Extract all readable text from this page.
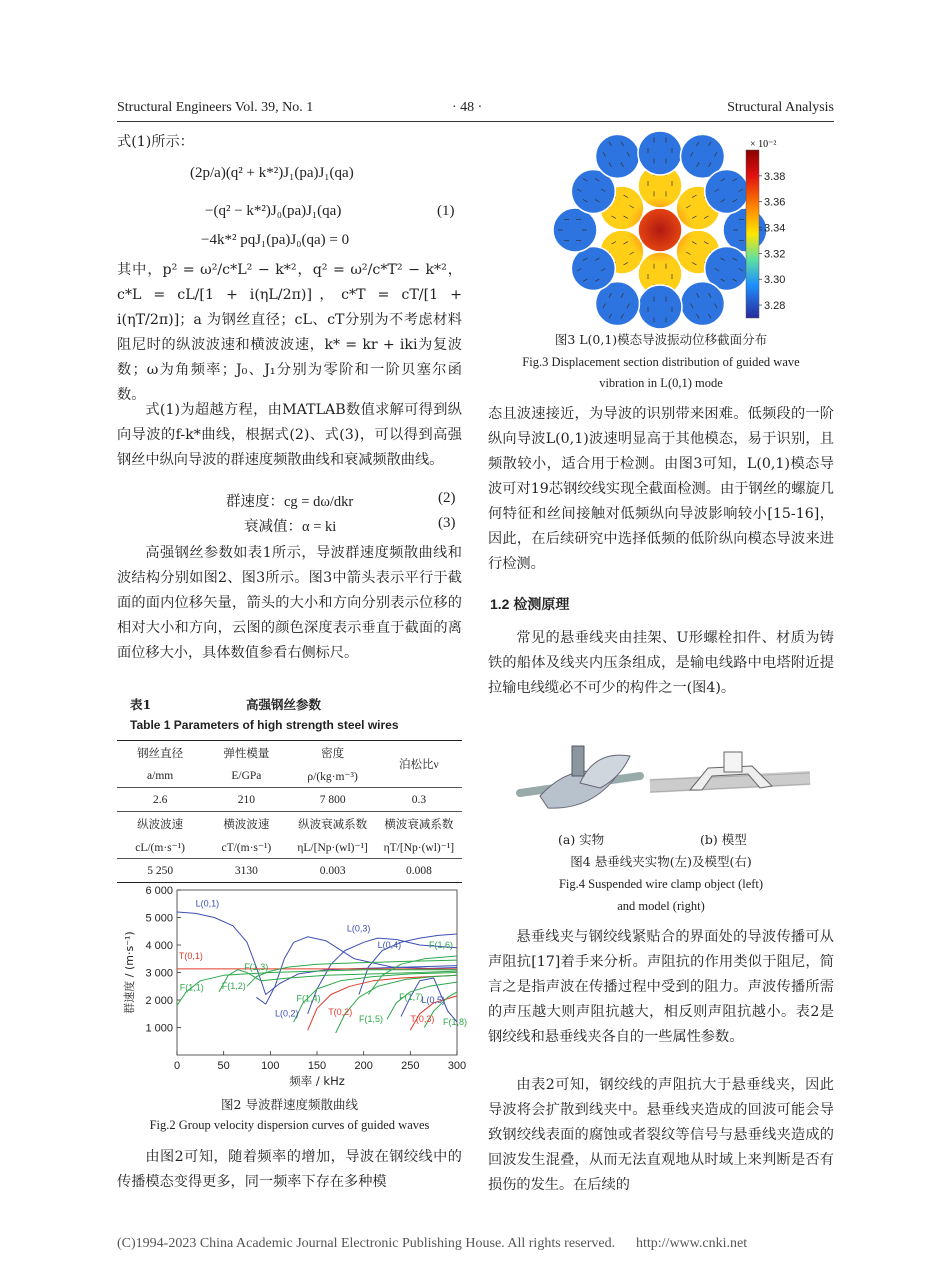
Structural Engineers Vol. 39, No. 1	· 48 ·	Structural Analysis
式(1)所示：
(2p/a)(q² + k*²)J₁(pa)J₁(qa)
−(q² − k*²)J₀(pa)J₁(qa)
−4k*² pqJ₁(pa)J₀(qa) = 0
(1)
其中，p² = ω²/c*L² − k*²，q² = ω²/c*T² − k*²，c*L = cL/[1 + i(ηL/2π)]，c*T = cT/[1 + i(ηT/2π)]；a 为钢丝直径；cL、cT分别为不考虑材料阻尼时的纵波波速和横波波速，k* = kr + iki为复波数；ω为角频率；J₀、J₁分别为零阶和一阶贝塞尔函数。
式(1)为超越方程，由MATLAB数值求解可得到纵向导波的f-k*曲线，根据式(2)、式(3)，可以得到高强钢丝中纵向导波的群速度频散曲线和衰减频散曲线。
群速度：cg = dω/dkr	(2)
衰减值：α = ki	(3)
高强钢丝参数如表1所示，导波群速度频散曲线和波结构分别如图2、图3所示。图3中箭头表示平行于截面的面内位移矢量，箭头的大小和方向分别表示位移的相对大小和方向，云图的颜色深度表示垂直于截面的离面位移大小，具体数值参看右侧标尺。
表1	高强钢丝参数
Table 1 Parameters of high strength steel wires
钢丝直径	弹性模量	密度	泊松比ν
a/mm	E/GPa	ρ/(kg·m⁻³)	
2.6	210	7 800	0.3
纵波波速	横波波速	纵波衰减系数	横波衰减系数
cL/(m·s⁻¹)	cT/(m·s⁻¹)	ηL/[Np·(wl)⁻¹]	ηT/[Np·(wl)⁻¹]
5 250	3130	0.003	0.008
0	50	100	150	200	250	300
1 000
2 000
3 000
4 000
5 000
6 000
频率 / kHz
群速度 / (m·s⁻¹)
L(0,1)
T(0,1)
F(1,3)
F(1,1) F(1,2)
L(0,3)
L(0,4)	F(1,6)
F(1,4)	F(1,7)
L(0,5)
L(0,2)	T(0,2)
F(1,5)	T(0,3) F(1,8)
图2 导波群速度频散曲线
Fig.2 Group velocity dispersion curves of guided waves
由图2可知，随着频率的增加，导波在钢绞线中的传播模态变得更多，同一频率下存在多种模
× 10⁻²
3.38
3.36
3.34
3.32
3.30
3.28
图3 L(0,1)模态导波振动位移截面分布
Fig.3 Displacement section distribution of guided wave
vibration in L(0,1) mode
态且波速接近，为导波的识别带来困难。低频段的一阶纵向导波L(0,1)波速明显高于其他模态，易于识别，且频散较小，适合用于检测。由图3可知，L(0,1)模态导波可对19芯钢绞线实现全截面检测。由于钢丝的螺旋几何特征和丝间接触对低频纵向导波影响较小[15-16]，因此，在后续研究中选择低频的低阶纵向模态导波来进行检测。
1.2 检测原理
常见的悬垂线夹由挂架、U形螺栓扣件、材质为铸铁的船体及线夹内压条组成，是输电线路中电塔附近提拉输电线缆必不可少的构件之一(图4)。
(a) 实物	(b) 模型
图4 悬垂线夹实物(左)及模型(右)
Fig.4 Suspended wire clamp object (left)
and model (right)
悬垂线夹与钢绞线紧贴合的界面处的导波传播可从声阻抗[17]着手来分析。声阻抗的作用类似于阻尼，简言之是指声波在传播过程中受到的阻力。声波传播所需的声压越大则声阻抗越大，相反则声阻抗越小。表2是钢绞线和悬垂线夹各自的一些属性参数。
由表2可知，钢绞线的声阻抗大于悬垂线夹，因此导波将会扩散到线夹中。悬垂线夹造成的回波可能会导致钢绞线表面的腐蚀或者裂纹等信号与悬垂线夹造成的回波发生混叠，从而无法直观地从时域上来判断是否有损伤的发生。在后续的
(C)1994-2023 China Academic Journal Electronic Publishing House. All rights reserved. http://www.cnki.net
